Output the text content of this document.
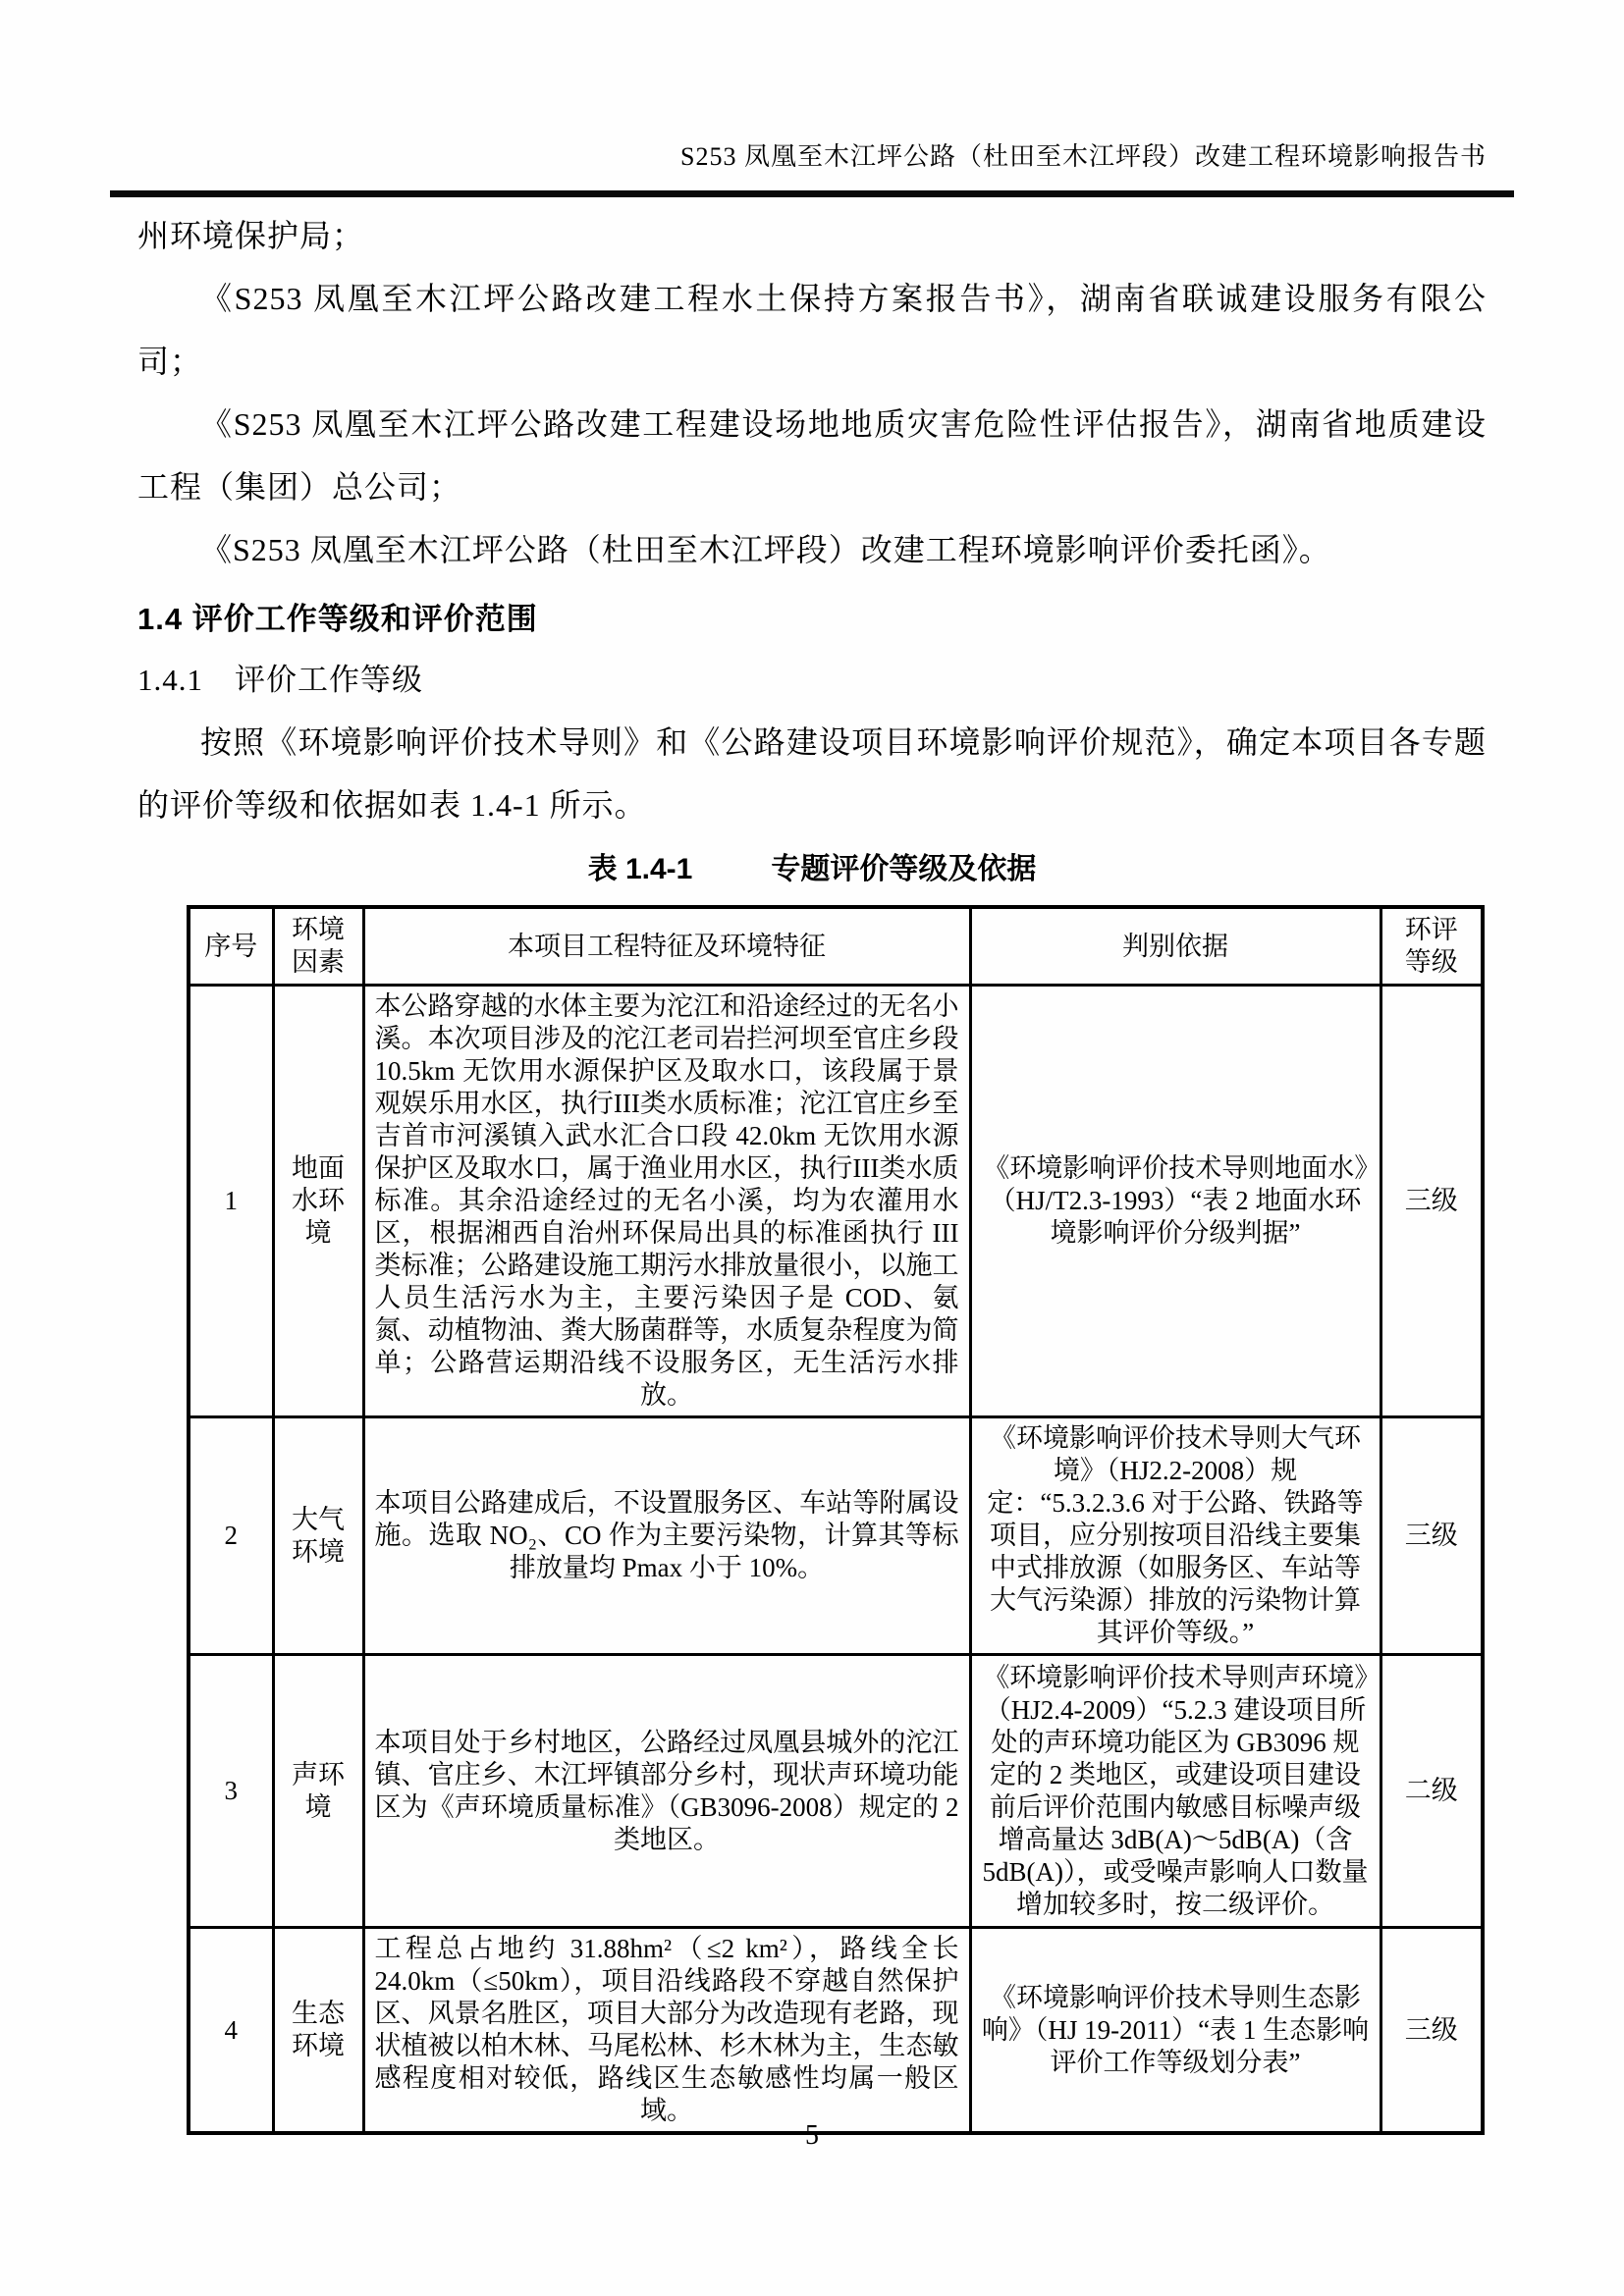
S253 凤凰至木江坪公路（杜田至木江坪段）改建工程环境影响报告书

州环境保护局；

《S253 凤凰至木江坪公路改建工程水土保持方案报告书》，湖南省联诚建设服务有限公司；

《S253 凤凰至木江坪公路改建工程建设场地地质灾害危险性评估报告》，湖南省地质建设工程（集团）总公司；

《S253 凤凰至木江坪公路（杜田至木江坪段）改建工程环境影响评价委托函》。

1.4 评价工作等级和评价范围
1.4.1　评价工作等级

按照《环境影响评价技术导则》和《公路建设项目环境影响评价规范》，确定本项目各专题的评价等级和依据如表 1.4-1 所示。

表 1.4-1	专题评价等级及依据
序号	环境因素	本项目工程特征及环境特征	判别依据	环评等级
1	地面水环境	本公路穿越的水体主要为沱江和沿途经过的无名小溪。本次项目涉及的沱江老司岩拦河坝至官庄乡段 10.5km 无饮用水源保护区及取水口，该段属于景观娱乐用水区，执行III类水质标准；沱江官庄乡至吉首市河溪镇入武水汇合口段 42.0km 无饮用水源保护区及取水口，属于渔业用水区，执行III类水质标准。其余沿途经过的无名小溪，均为农灌用水区，根据湘西自治州环保局出具的标准函执行 III 类标准；公路建设施工期污水排放量很小，以施工人员生活污水为主，主要污染因子是 COD、氨氮、动植物油、粪大肠菌群等，水质复杂程度为简单；公路营运期沿线不设服务区，无生活污水排放。	《环境影响评价技术导则地面水》（HJ/T2.3-1993）“表 2 地面水环境影响评价分级判据”	三级
2	大气环境	本项目公路建成后，不设置服务区、车站等附属设施。选取 NO₂、CO 作为主要污染物，计算其等标排放量均 Pmax 小于 10%。	《环境影响评价技术导则大气环境》（HJ2.2-2008）规定：“5.3.2.3.6 对于公路、铁路等项目，应分别按项目沿线主要集中式排放源（如服务区、车站等大气污染源）排放的污染物计算其评价等级。”	三级
3	声环境	本项目处于乡村地区，公路经过凤凰县城外的沱江镇、官庄乡、木江坪镇部分乡村，现状声环境功能区为《声环境质量标准》（GB3096-2008）规定的 2 类地区。	《环境影响评价技术导则声环境》（HJ2.4-2009）“5.2.3 建设项目所处的声环境功能区为 GB3096 规定的 2 类地区，或建设项目建设前后评价范围内敏感目标噪声级增高量达 3dB(A)～5dB(A)（含 5dB(A)），或受噪声影响人口数量增加较多时，按二级评价。	二级
4	生态环境	工程总占地约 31.88hm²（≤2 km²），路线全长 24.0km（≤50km），项目沿线路段不穿越自然保护区、风景名胜区，项目大部分为改造现有老路，现状植被以柏木林、马尾松林、杉木林为主，生态敏感程度相对较低，路线区生态敏感性均属一般区域。	《环境影响评价技术导则生态影响》（HJ 19-2011）“表 1 生态影响评价工作等级划分表”	三级
5
